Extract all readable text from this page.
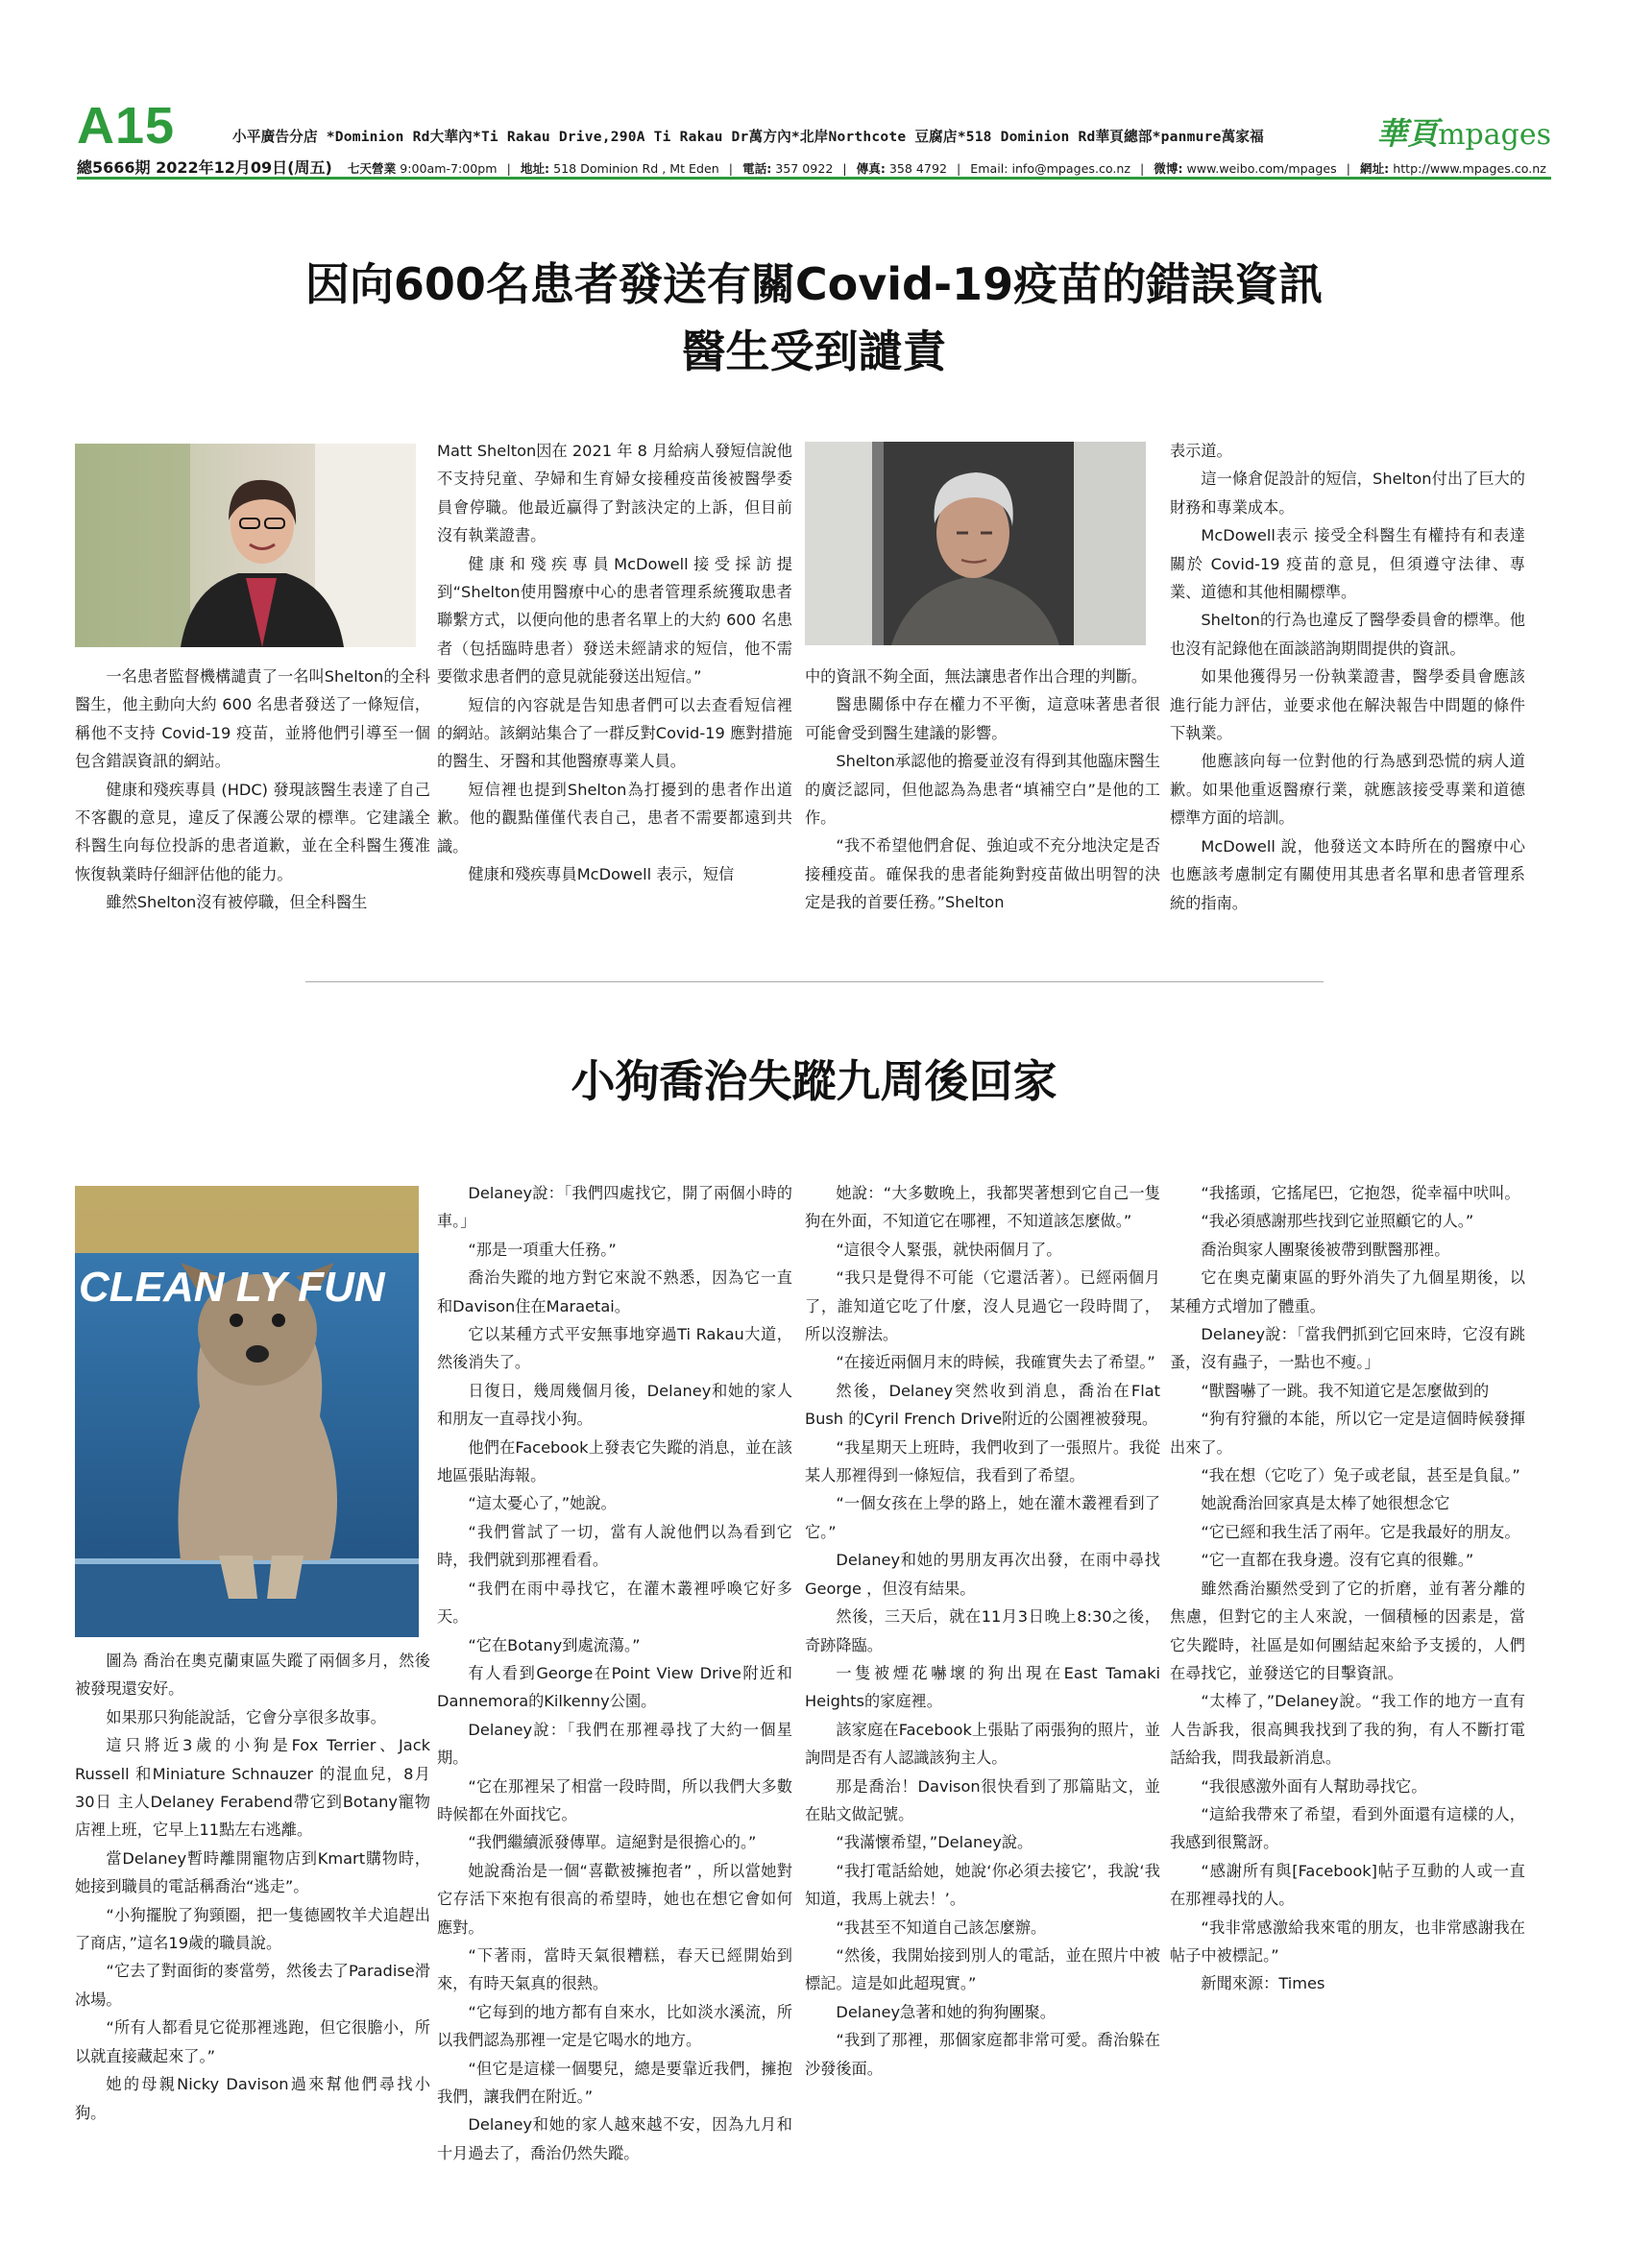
A15	小平廣告分店 *Dominion Rd大華內*Ti Rakau Drive,290A Ti Rakau Dr萬方內*北岸Northcote 豆腐店*518 Dominion Rd華頁總部*panmure萬家福	華頁mpages
總5666期 2022年12月09日(周五) 七天營業 9:00am-7:00pm | 地址: 518 Dominion Rd , Mt Eden | 電話: 357 0922 | 傳真: 358 4792 | Email: info@mpages.co.nz | 微博: www.weibo.com/mpages | 網址: http://www.mpages.co.nz
因向600名患者發送有關Covid-19疫苗的錯誤資訊
醫生受到譴責

一名患者監督機構譴責了一名叫Shelton的全科醫生，他主動向大約 600 名患者發送了一條短信，稱他不支持 Covid-19 疫苗，並將他們引導至一個包含錯誤資訊的網站。

健康和殘疾專員 (HDC) 發現該醫生表達了自己不客觀的意見，違反了保護公眾的標準。它建議全科醫生向每位投訴的患者道歉，並在全科醫生獲准恢復執業時仔細評估他的能力。

雖然Shelton沒有被停職，但全科醫生

Matt Shelton因在 2021 年 8 月給病人發短信說他不支持兒童、孕婦和生育婦女接種疫苗後被醫學委員會停職。他最近贏得了對該決定的上訴，但目前沒有執業證書。

健康和殘疾專員McDowell接受採訪提到“Shelton使用醫療中心的患者管理系統獲取患者聯繫方式，以便向他的患者名單上的大約 600 名患者（包括臨時患者）發送未經請求的短信，他不需要徵求患者們的意見就能發送出短信。”

短信的內容就是告知患者們可以去查看短信裡的網站。該網站集合了一群反對Covid-19 應對措施的醫生、牙醫和其他醫療專業人員。

短信裡也提到Shelton為打擾到的患者作出道歉。他的觀點僅僅代表自己，患者不需要都遠到共識。

健康和殘疾專員McDowell 表示，短信

中的資訊不夠全面，無法讓患者作出合理的判斷。

醫患關係中存在權力不平衡，這意味著患者很可能會受到醫生建議的影響。

Shelton承認他的擔憂並沒有得到其他臨床醫生的廣泛認同，但他認為為患者“填補空白”是他的工作。

“我不希望他們倉促、強迫或不充分地決定是否接種疫苗。確保我的患者能夠對疫苗做出明智的決定是我的首要任務。”Shelton

表示道。

這一條倉促設計的短信，Shelton付出了巨大的財務和專業成本。

McDowell表示 接受全科醫生有權持有和表達關於 Covid-19 疫苗的意見，但須遵守法律、專業、道德和其他相關標準。

Shelton的行為也違反了醫學委員會的標準。他也沒有記錄他在面談諮詢期間提供的資訊。

如果他獲得另一份執業證書，醫學委員會應該進行能力評估，並要求他在解決報告中問題的條件下執業。

他應該向每一位對他的行為感到恐慌的病人道歉。如果他重返醫療行業，就應該接受專業和道德標準方面的培訓。

McDowell 說，他發送文本時所在的醫療中心也應該考慮制定有關使用其患者名單和患者管理系統的指南。

小狗喬治失蹤九周後回家
CLEAN LY FUN

圖為 喬治在奧克蘭東區失蹤了兩個多月，然後被發現還安好。

如果那只狗能說話，它會分享很多故事。

這只將近3歲的小狗是Fox Terrier、Jack Russell 和Miniature Schnauzer 的混血兒，8月30日 主人Delaney Ferabend帶它到Botany寵物店裡上班，它早上11點左右逃離。

當Delaney暫時離開寵物店到Kmart購物時，她接到職員的電話稱喬治“逃走”。

“小狗擺脫了狗頸圈，把一隻德國牧羊犬追趕出了商店，”這名19歲的職員說。

“它去了對面街的麥當勞，然後去了Paradise滑冰場。

“所有人都看見它從那裡逃跑，但它很膽小，所以就直接藏起來了。”

她的母親Nicky Davison過來幫他們尋找小狗。

Delaney說：「我們四處找它，開了兩個小時的車。」

“那是一項重大任務。”

喬治失蹤的地方對它來說不熟悉，因為它一直和Davison住在Maraetai。

它以某種方式平安無事地穿過Ti Rakau大道，然後消失了。

日復日，幾周幾個月後，Delaney和她的家人和朋友一直尋找小狗。

他們在Facebook上發表它失蹤的消息，並在該地區張貼海報。

“這太憂心了，”她說。

“我們嘗試了一切，當有人說他們以為看到它時，我們就到那裡看看。

“我們在雨中尋找它，在灌木叢裡呼喚它好多天。

“它在Botany到處流蕩。”

有人看到George在Point View Drive附近和Dannemora的Kilkenny公園。

Delaney說：「我們在那裡尋找了大約一個星期。

“它在那裡呆了相當一段時間，所以我們大多數時候都在外面找它。

“我們繼續派發傳單。這絕對是很擔心的。”

她說喬治是一個“喜歡被擁抱者” ，所以當她對它存活下來抱有很高的希望時，她也在想它會如何應對。

“下著雨，當時天氣很糟糕，春天已經開始到來，有時天氣真的很熱。

“它每到的地方都有自來水，比如淡水溪流，所以我們認為那裡一定是它喝水的地方。

“但它是這樣一個嬰兒，總是要靠近我們，擁抱我們，讓我們在附近。”

Delaney和她的家人越來越不安，因為九月和十月過去了，喬治仍然失蹤。

她說：“大多數晚上，我都哭著想到它自己一隻狗在外面，不知道它在哪裡，不知道該怎麼做。”

“這很令人緊張，就快兩個月了。

“我只是覺得不可能（它還活著）。已經兩個月了，誰知道它吃了什麼，沒人見過它一段時間了，所以沒辦法。

“在接近兩個月末的時候，我確實失去了希望。”

然後，Delaney突然收到消息，喬治在Flat Bush 的Cyril French Drive附近的公園裡被發現。

“我星期天上班時，我們收到了一張照片。我從某人那裡得到一條短信，我看到了希望。

“一個女孩在上學的路上，她在灌木叢裡看到了它。”

Delaney和她的男朋友再次出發，在雨中尋找George ，但沒有結果。

然後，三天后，就在11月3日晚上8:30之後，奇跡降臨。

一隻被煙花嚇壞的狗出現在East Tamaki Heights的家庭裡。

該家庭在Facebook上張貼了兩張狗的照片，並詢問是否有人認識該狗主人。

那是喬治！Davison很快看到了那篇貼文，並在貼文做記號。

“我滿懷希望，”Delaney說。

“我打電話給她，她說‘你必須去接它’，我說‘我知道，我馬上就去！’。

“我甚至不知道自己該怎麼辦。

“然後，我開始接到別人的電話，並在照片中被標記。這是如此超現實。”

Delaney急著和她的狗狗團聚。

“我到了那裡，那個家庭都非常可愛。喬治躲在沙發後面。

“我搖頭，它搖尾巴，它抱怨，從幸福中吠叫。

“我必須感謝那些找到它並照顧它的人。”

喬治與家人團聚後被帶到獸醫那裡。

它在奧克蘭東區的野外消失了九個星期後，以某種方式增加了體重。

Delaney說：「當我們抓到它回來時，它沒有跳蚤，沒有蟲子，一點也不瘦。」

“獸醫嚇了一跳。我不知道它是怎麼做到的

“狗有狩獵的本能，所以它一定是這個時候發揮出來了。

“我在想（它吃了）兔子或老鼠，甚至是負鼠。”

她說喬治回家真是太棒了她很想念它

“它已經和我生活了兩年。它是我最好的朋友。

“它一直都在我身邊。沒有它真的很難。”

雖然喬治顯然受到了它的折磨，並有著分離的焦慮，但對它的主人來說，一個積極的因素是，當它失蹤時，社區是如何團結起來給予支援的，人們在尋找它，並發送它的目擊資訊。

“太棒了，”Delaney說。“我工作的地方一直有人告訴我，很高興我找到了我的狗，有人不斷打電話給我，問我最新消息。

“我很感激外面有人幫助尋找它。

“這給我帶來了希望，看到外面還有這樣的人，我感到很驚訝。

“感謝所有與[Facebook]帖子互動的人或一直在那裡尋找的人。

“我非常感激給我來電的朋友，也非常感謝我在帖子中被標記。”

新聞來源：Times
